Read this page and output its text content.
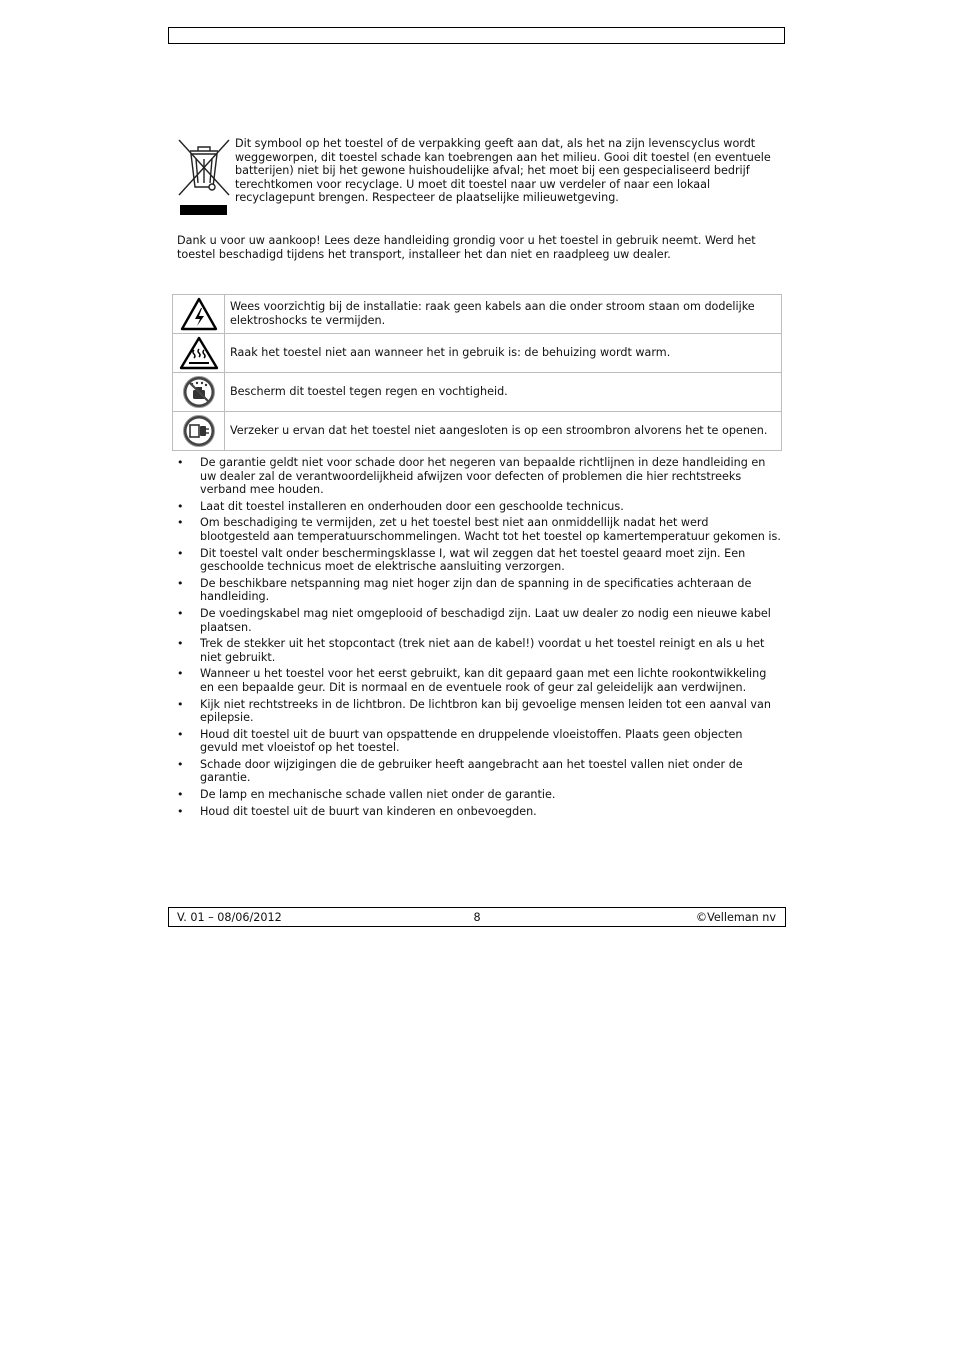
Dit symbool op het toestel of de verpakking geeft aan dat, als het na zijn levenscyclus wordt weggeworpen, dit toestel schade kan toebrengen aan het milieu. Gooi dit toestel (en eventuele batterijen) niet bij het gewone huishoudelijke afval; het moet bij een gespecialiseerd bedrijf terechtkomen voor recyclage. U moet dit toestel naar uw verdeler of naar een lokaal recyclagepunt brengen. Respecteer de plaatselijke milieuwetgeving.

Dank u voor uw aankoop! Lees deze handleiding grondig voor u het toestel in gebruik neemt. Werd het toestel beschadigd tijdens het transport, installeer het dan niet en raadpleeg uw dealer.

	Wees voorzichtig bij de installatie: raak geen kabels aan die onder stroom staan om dodelijke elektroshocks te vermijden.

	Raak het toestel niet aan wanneer het in gebruik is: de behuizing wordt warm.

	Bescherm dit toestel tegen regen en vochtigheid.

	Verzeker u ervan dat het toestel niet aangesloten is op een stroombron alvorens het te openen.
• De garantie geldt niet voor schade door het negeren van bepaalde richtlijnen in deze handleiding en uw dealer zal de verantwoordelijkheid afwijzen voor defecten of problemen die hier rechtstreeks verband mee houden.
• Laat dit toestel installeren en onderhouden door een geschoolde technicus.
• Om beschadiging te vermijden, zet u het toestel best niet aan onmiddellijk nadat het werd blootgesteld aan temperatuurschommelingen. Wacht tot het toestel op kamertemperatuur gekomen is.
• Dit toestel valt onder beschermingsklasse I, wat wil zeggen dat het toestel geaard moet zijn. Een geschoolde technicus moet de elektrische aansluiting verzorgen.
• De beschikbare netspanning mag niet hoger zijn dan de spanning in de specificaties achteraan de handleiding.
• De voedingskabel mag niet omgeplooid of beschadigd zijn. Laat uw dealer zo nodig een nieuwe kabel plaatsen.
• Trek de stekker uit het stopcontact (trek niet aan de kabel!) voordat u het toestel reinigt en als u het niet gebruikt.
• Wanneer u het toestel voor het eerst gebruikt, kan dit gepaard gaan met een lichte rookontwikkeling en een bepaalde geur. Dit is normaal en de eventuele rook of geur zal geleidelijk aan verdwijnen.
• Kijk niet rechtstreeks in de lichtbron. De lichtbron kan bij gevoelige mensen leiden tot een aanval van epilepsie.
• Houd dit toestel uit de buurt van opspattende en druppelende vloeistoffen. Plaats geen objecten gevuld met vloeistof op het toestel.
• Schade door wijzigingen die de gebruiker heeft aangebracht aan het toestel vallen niet onder de garantie.
• De lamp en mechanische schade vallen niet onder de garantie.
• Houd dit toestel uit de buurt van kinderen en onbevoegden.
V. 01 – 08/06/2012	8	©Velleman nv
